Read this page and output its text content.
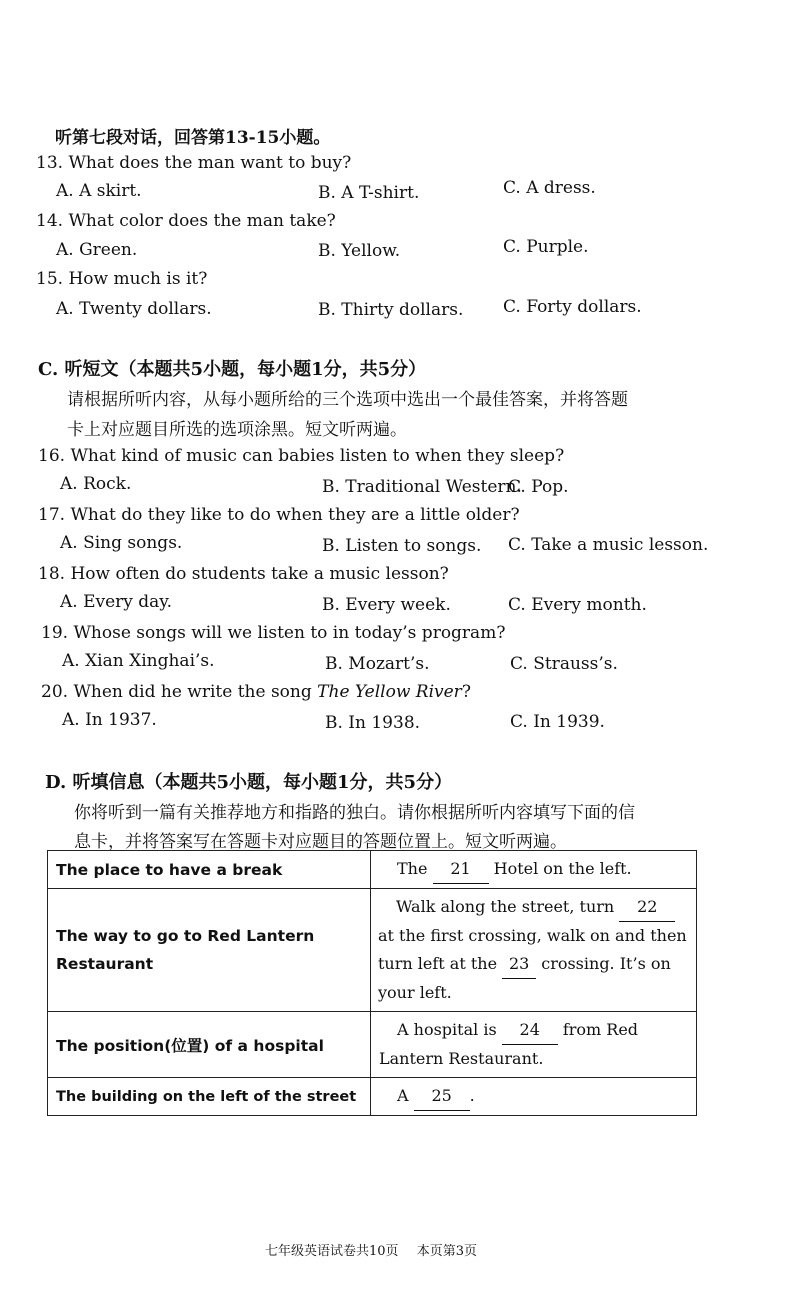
听第七段对话，回答第13-15小题。
13. What does the man want to buy?
A. A skirt.	B. A T-shirt.	C. A dress.
14. What color does the man take?
A. Green.	B. Yellow.	C. Purple.
15. How much is it?
A. Twenty dollars.	B. Thirty dollars. C. Forty dollars.
C. 听短文（本题共5小题，每小题1分，共5分）
请根据所听内容，从每小题所给的三个选项中选出一个最佳答案，并将答题
卡上对应题目所选的选项涂黑。短文听两遍。
16. What kind of music can babies listen to when they sleep?
A. Rock.	B. Traditional Western.
C. Pop.
17. What do they like to do when they are a little older?
A. Sing songs.	B. Listen to songs. C. Take a music lesson.
18. How often do students take a music lesson?
A. Every day.	B. Every week.	C. Every month.
19. Whose songs will we listen to in today’s program?
A. Xian Xinghai’s.	B. Mozart’s.	C. Strauss’s.
20. When did he write the song The Yellow River?
A. In 1937.	B. In 1938.	C. In 1939.
D. 听填信息（本题共5小题，每小题1分，共5分）
你将听到一篇有关推荐地方和指路的独白。请你根据所听内容填写下面的信
息卡，并将答案写在答题卡对应题目的答题位置上。短文听两遍。
The place to have a break	The 21 Hotel on the left.
The way to go to Red Lantern Restaurant	Walk along the street, turn 22 at the first crossing, walk on and then turn left at the 23 crossing. It’s on your left.
The position(位置) of a hospital	A hospital is 24 from Red Lantern Restaurant.
The building on the left of the street	A 25 .
七年级英语试卷共10页 本页第3页
